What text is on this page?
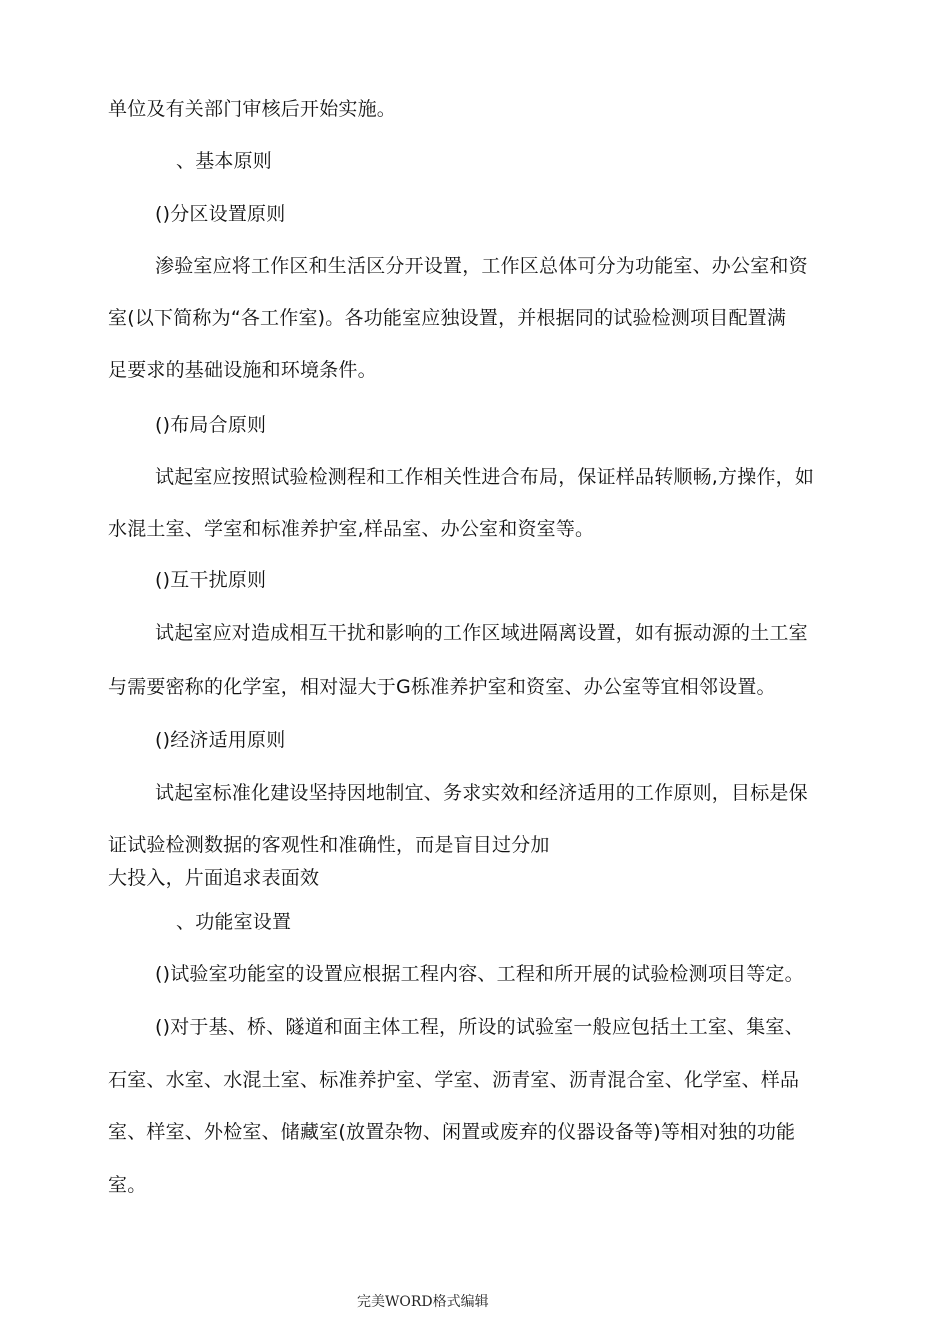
单位及有关部门审核后开始实施。
、基本原则
()分区设置原则
渗验室应将工作区和生活区分开设置，工作区总体可分为功能室、办公室和资
室(以下简称为“各工作室)。各功能室应独设置，并根据同的试验检测项目配置满
足要求的基础设施和环境条件。
()布局合原则
试起室应按照试验检测程和工作相关性进合布局，保证样品转顺畅,方操作，如
水混土室、学室和标准养护室,样品室、办公室和资室等。
()互干扰原则
试起室应对造成相互干扰和影响的工作区域进隔离设置，如有振动源的土工室
与需要密称的化学室，相对湿大于G栎准养护室和资室、办公室等宜相邻设置。
()经济适用原则
试起室标准化建设坚持因地制宜、务求实效和经济适用的工作原则，目标是保
证试验检测数据的客观性和准确性，而是盲目过分加
大投入，片面追求表面效
、功能室设置
()试验室功能室的设置应根据工程内容、工程和所开展的试验检测项目等定。
()对于基、桥、隧道和面主体工程，所设的试验室一般应包括土工室、集室、
石室、水室、水混土室、标准养护室、学室、沥青室、沥青混合室、化学室、样品
室、样室、外检室、储藏室(放置杂物、闲置或废弃的仪器设备等)等相对独的功能
室。
完美WORD格式编辑
